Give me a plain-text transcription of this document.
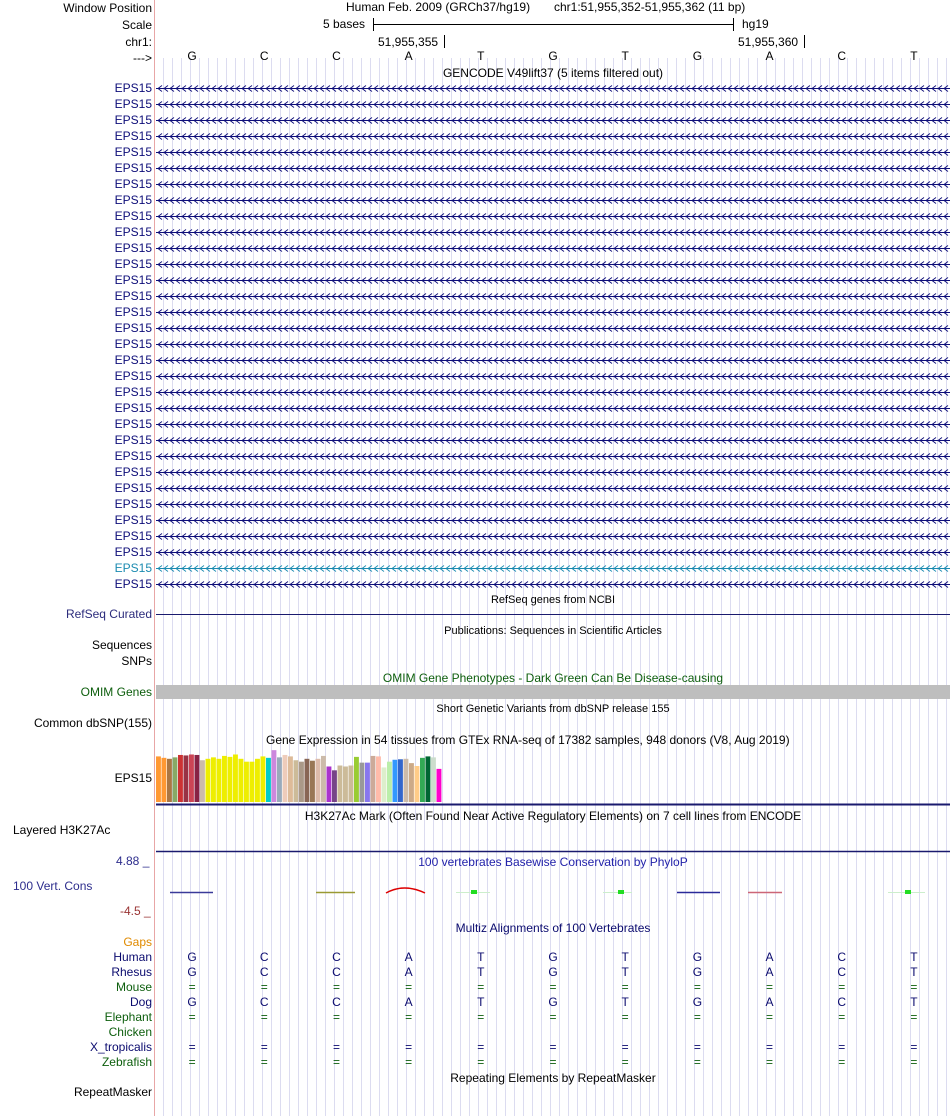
Window Position
Scale
chr1:
--->
Human Feb. 2009 (GRCh37/hg19) chr1:51,955,352-51,955,362 (11 bp)
5 bases	hg19
51,955,355	51,955,360
GENCODE V49lift37 (5 items filtered out)
RefSeq genes from NCBI
RefSeq Curated
Publications: Sequences in Scientific Articles
Sequences
SNPs
OMIM Gene Phenotypes - Dark Green Can Be Disease-causing
OMIM Genes
Short Genetic Variants from dbSNP release 155
Common dbSNP(155)
Gene Expression in 54 tissues from GTEx RNA-seq of 17382 samples, 948 donors (V8, Aug 2019)
EPS15
H3K27Ac Mark (Often Found Near Active Regulatory Elements) on 7 cell lines from ENCODE
Layered H3K27Ac
100 vertebrates Basewise Conservation by PhyloP
4.88 _
100 Vert. Cons
-4.5 _
Multiz Alignments of 100 Vertebrates
Gaps
Repeating Elements by RepeatMasker
RepeatMasker
G	C	C	A	T	G	T	G	A	C	T
EPS15
EPS15
EPS15
EPS15
EPS15
EPS15
EPS15
EPS15
EPS15
EPS15
EPS15
EPS15
EPS15
EPS15
EPS15
EPS15
EPS15
EPS15
EPS15
EPS15
EPS15
EPS15
EPS15
EPS15
EPS15
EPS15
EPS15
EPS15
EPS15
EPS15
EPS15
EPS15
Human	G	C	C	A	T	G	T	G	A	C	T
Rhesus	G	C	C	A	T	G	T	G	A	C	T
Mouse	=	=	=	=	=	=	=	=	=	=	=
Dog	G	C	C	A	T	G	T	G	A	C	T
Elephant	=	=	=	=	=	=	=	=	=	=	=
Chicken
X_tropicalis	=	=	=	=	=	=	=	=	=	=	=
Zebrafish	=	=	=	=	=	=	=	=	=	=	=
